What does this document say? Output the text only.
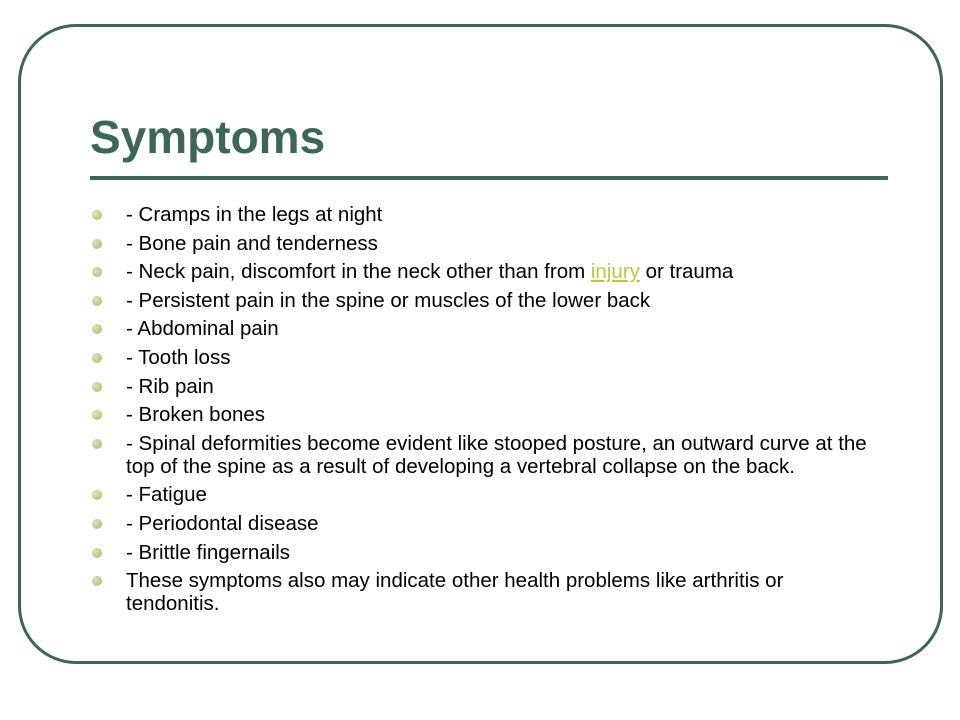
Symptoms
- Cramps in the legs at night
- Bone pain and tenderness
- Neck pain, discomfort in the neck other than from injury or trauma
- Persistent pain in the spine or muscles of the lower back
- Abdominal pain
- Tooth loss
- Rib pain
- Broken bones
- Spinal deformities become evident like stooped posture, an outward curve at the top of the spine as a result of developing a vertebral collapse on the back.
- Fatigue
- Periodontal disease
- Brittle fingernails
These symptoms also may indicate other health problems like arthritis or tendonitis.
